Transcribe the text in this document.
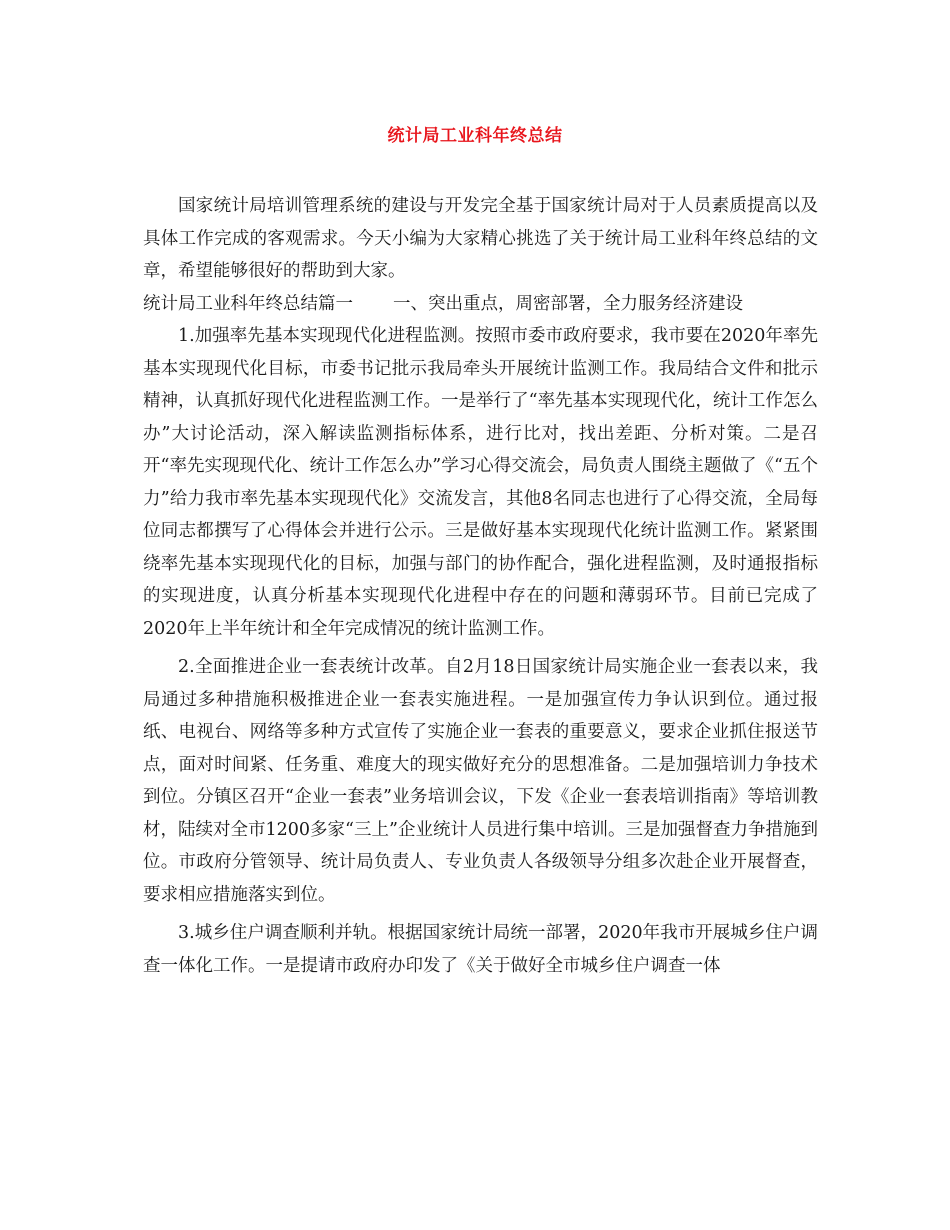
统计局工业科年终总结

国家统计局培训管理系统的建设与开发完全基于国家统计局对于人员素质提高以及具体工作完成的客观需求。今天小编为大家精心挑选了关于统计局工业科年终总结的文章，希望能够很好的帮助到大家。

统计局工业科年终总结篇一 一、突出重点，周密部署，全力服务经济建设

1.加强率先基本实现现代化进程监测。按照市委市政府要求，我市要在2020年率先基本实现现代化目标，市委书记批示我局牵头开展统计监测工作。我局结合文件和批示精神，认真抓好现代化进程监测工作。一是举行了“率先基本实现现代化，统计工作怎么办”大讨论活动，深入解读监测指标体系，进行比对，找出差距、分析对策。二是召开“率先实现现代化、统计工作怎么办”学习心得交流会，局负责人围绕主题做了《“五个力”给力我市率先基本实现现代化》交流发言，其他8名同志也进行了心得交流，全局每位同志都撰写了心得体会并进行公示。三是做好基本实现现代化统计监测工作。紧紧围绕率先基本实现现代化的目标，加强与部门的协作配合，强化进程监测，及时通报指标的实现进度，认真分析基本实现现代化进程中存在的问题和薄弱环节。目前已完成了2020年上半年统计和全年完成情况的统计监测工作。

2.全面推进企业一套表统计改革。自2月18日国家统计局实施企业一套表以来，我局通过多种措施积极推进企业一套表实施进程。一是加强宣传力争认识到位。通过报纸、电视台、网络等多种方式宣传了实施企业一套表的重要意义，要求企业抓住报送节点，面对时间紧、任务重、难度大的现实做好充分的思想准备。二是加强培训力争技术到位。分镇区召开“企业一套表”业务培训会议，下发《企业一套表培训指南》等培训教材，陆续对全市1200多家“三上”企业统计人员进行集中培训。三是加强督查力争措施到位。市政府分管领导、统计局负责人、专业负责人各级领导分组多次赴企业开展督查，要求相应措施落实到位。

3.城乡住户调查顺利并轨。根据国家统计局统一部署，2020年我市开展城乡住户调查一体化工作。一是提请市政府办印发了《关于做好全市城乡住户调查一体
